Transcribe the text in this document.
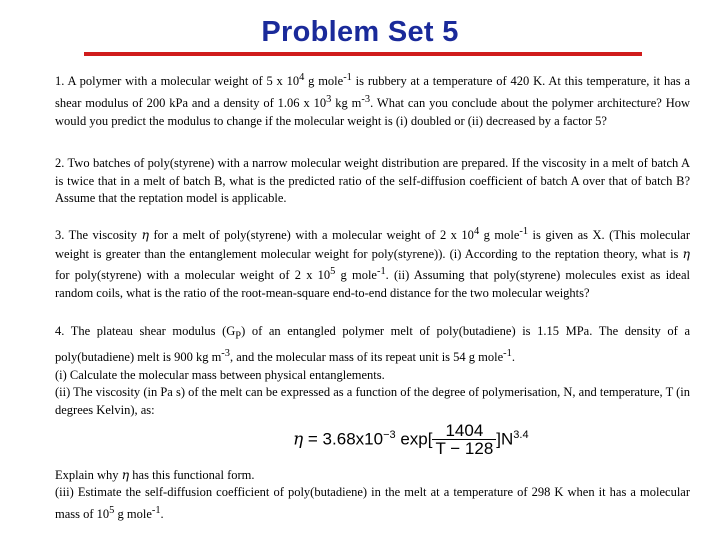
Problem Set 5

1. A polymer with a molecular weight of 5 x $10^4$ g mole$^{-1}$ is rubbery at a temperature of 420 K. At this temperature, it has a shear modulus of 200 kPa and a density of 1.06 x $10^3$ kg $m^{-3}$. What can you conclude about the polymer architecture? How would you predict the modulus to change if the molecular weight is (i) doubled or (ii) decreased by a factor 5?

2. Two batches of poly(styrene) with a narrow molecular weight distribution are prepared. If the viscosity in a melt of batch A is twice that in a melt of batch B, what is the predicted ratio of the self-diffusion coefficient of batch A over that of batch B? Assume that the reptation model is applicable.

3. The viscosity η for a melt of poly(styrene) with a molecular weight of 2 x $10^4$ g mole$^{-1}$ is given as X. (This molecular weight is greater than the entanglement molecular weight for poly(styrene)). (i) According to the reptation theory, what is η for poly(styrene) with a molecular weight of 2 x $10^5$ g mole$^{-1}$. (ii) Assuming that poly(styrene) molecules exist as ideal random coils, what is the ratio of the root-mean-square end-to-end distance for the two molecular weights?

4. The plateau shear modulus $(G_P)$ of an entangled polymer melt of poly(butadiene) is 1.15 MPa. The density of a poly(butadiene) melt is 900 kg $m^{-3}$, and the molecular mass of its repeat unit is 54 g mole$^{-1}$.

(i) Calculate the molecular mass between physical entanglements.

(ii) The viscosity (in Pa s) of the melt can be expressed as a function of the degree of polymerisation, N, and temperature, T (in degrees Kelvin), as:

$\eta = 3.68x10^{-3}$ $\exp[ \frac{1404}{T - 128} ]N^{3.4}$

Explain why η has this functional form.

(iii) Estimate the self-diffusion coefficient of poly(butadiene) in the melt at a temperature of 298 K when it has a molecular mass of $10^5$ g mole$^{-1}$.
